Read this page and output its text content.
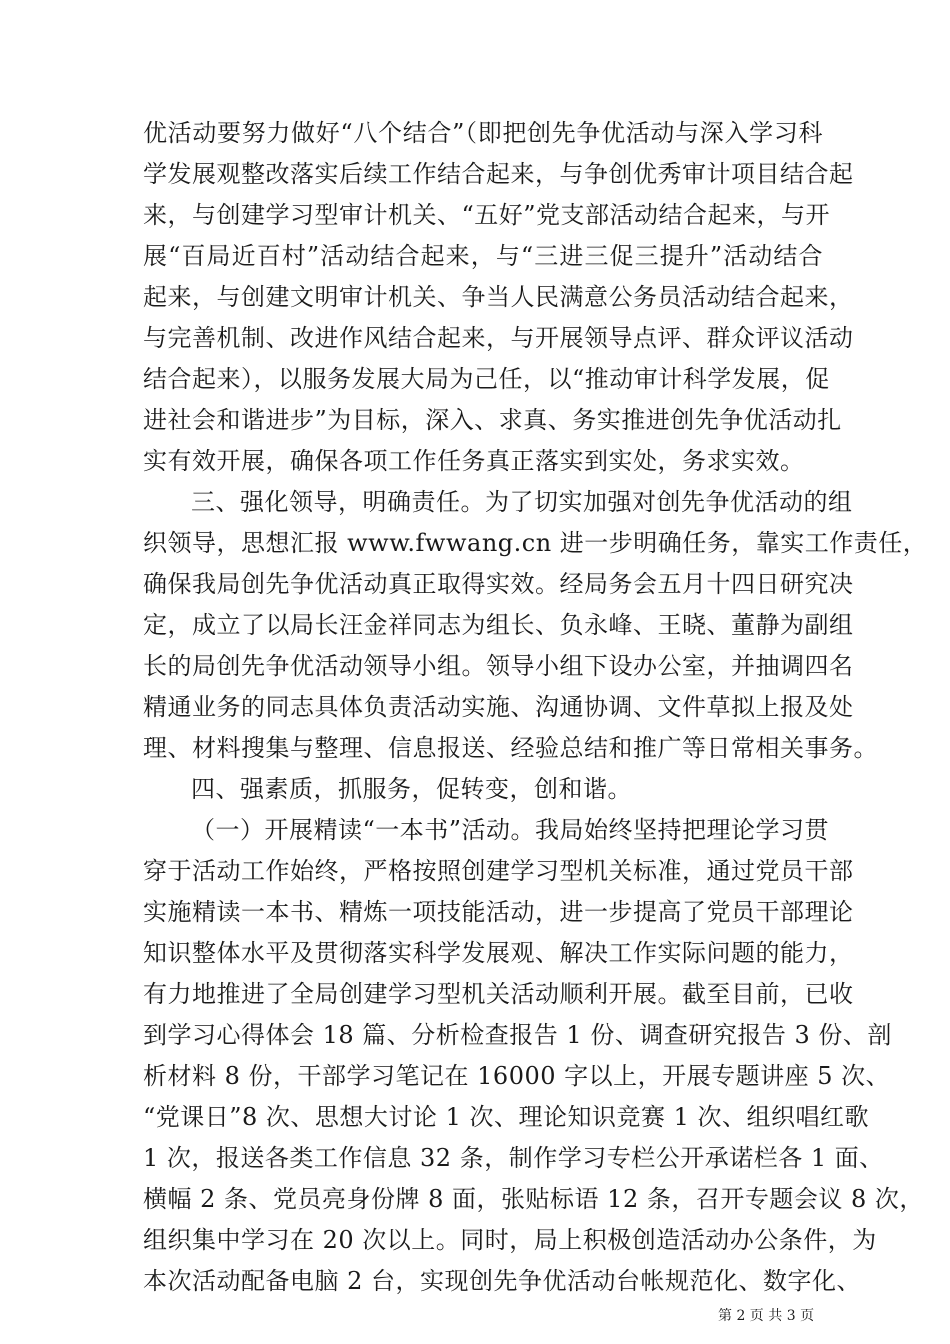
优活动要努力做好“八个结合”（即把创先争优活动与深入学习科
学发展观整改落实后续工作结合起来，与争创优秀审计项目结合起
来，与创建学习型审计机关、“五好”党支部活动结合起来，与开
展“百局近百村”活动结合起来，与“三进三促三提升”活动结合
起来，与创建文明审计机关、争当人民满意公务员活动结合起来，
与完善机制、改进作风结合起来，与开展领导点评、群众评议活动
结合起来），以服务发展大局为己任，以“推动审计科学发展，促
进社会和谐进步”为目标，深入、求真、务实推进创先争优活动扎
实有效开展，确保各项工作任务真正落实到实处，务求实效。
三、强化领导，明确责任。为了切实加强对创先争优活动的组
织领导，思想汇报 www.fwwang.cn 进一步明确任务，靠实工作责任，
确保我局创先争优活动真正取得实效。经局务会五月十四日研究决
定，成立了以局长汪金祥同志为组长、负永峰、王晓、董静为副组
长的局创先争优活动领导小组。领导小组下设办公室，并抽调四名
精通业务的同志具体负责活动实施、沟通协调、文件草拟上报及处
理、材料搜集与整理、信息报送、经验总结和推广等日常相关事务。
四、强素质，抓服务，促转变，创和谐。
（一）开展精读“一本书”活动。我局始终坚持把理论学习贯
穿于活动工作始终，严格按照创建学习型机关标准，通过党员干部
实施精读一本书、精炼一项技能活动，进一步提高了党员干部理论
知识整体水平及贯彻落实科学发展观、解决工作实际问题的能力，
有力地推进了全局创建学习型机关活动顺利开展。截至目前，已收
到学习心得体会 18 篇、分析检查报告 1 份、调查研究报告 3 份、剖
析材料 8 份，干部学习笔记在 16000 字以上，开展专题讲座 5 次、
“党课日”8 次、思想大讨论 1 次、理论知识竞赛 1 次、组织唱红歌
1 次，报送各类工作信息 32 条，制作学习专栏公开承诺栏各 1 面、
横幅 2 条、党员亮身份牌 8 面，张贴标语 12 条，召开专题会议 8 次，
组织集中学习在 20 次以上。同时，局上积极创造活动办公条件，为
本次活动配备电脑 2 台，实现创先争优活动台帐规范化、数字化、
第 2 页 共 3 页
